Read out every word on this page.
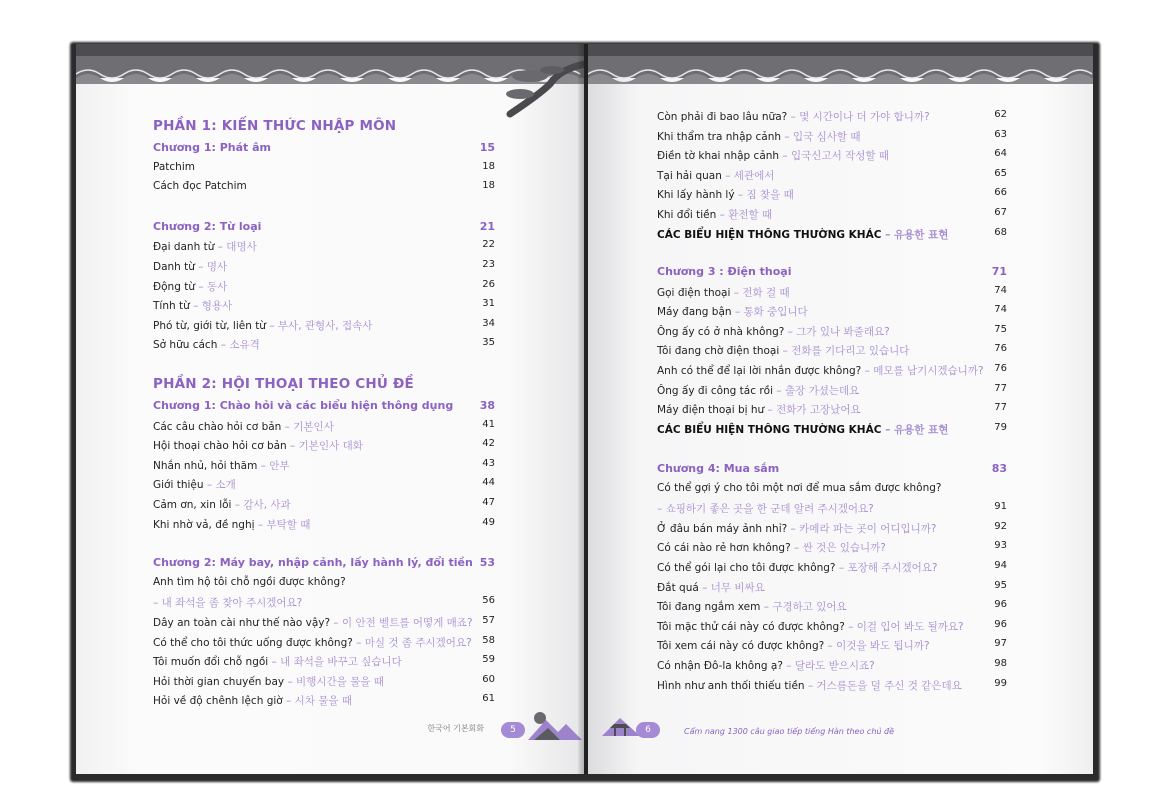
PHẦN 1: KIẾN THỨC NHẬP MÔN
Chương 1: Phát âm	15
Patchim	18
Cách đọc Patchim	18
Chương 2: Từ loại	21
Đại danh từ – 대명사	22
Danh từ – 명사	23
Động từ – 동사	26
Tính từ – 형용사	31
Phó từ, giới từ, liên từ – 부사, 관형사, 접속사	34
Sở hữu cách – 소유격	35
PHẦN 2: HỘI THOẠI THEO CHỦ ĐỀ
Chương 1: Chào hỏi và các biểu hiện thông dụng 38
Các câu chào hỏi cơ bản – 기본인사	41
Hội thoại chào hỏi cơ bản – 기본인사 대화	42
Nhắn nhủ, hỏi thăm – 안부	43
Giới thiệu – 소개	44
Cảm ơn, xin lỗi – 감사, 사과	47
Khi nhờ vả, đề nghị – 부탁할 때	49
Chương 2: Máy bay, nhập cảnh, lấy hành lý, đổi tiền 53
Anh tìm hộ tôi chỗ ngồi được không?
– 내 좌석을 좀 찾아 주시겠어요?	56
Dây an toàn cài như thế nào vậy? – 이 안전 벨트를 어떻게 매죠? 57
Có thể cho tôi thức uống được không? – 마실 것 좀 주시겠어요? 58
Tôi muốn đổi chỗ ngồi – 내 좌석을 바꾸고 싶습니다	59
Hỏi thời gian chuyến bay – 비행시간을 물을 때	60
Hỏi về độ chênh lệch giờ – 시차 물을 때	61
한국어 기본회화	5
Còn phải đi bao lâu nữa? – 몇 시간이나 더 가야 합니까?	62
Khi thẩm tra nhập cảnh – 입국 심사할 때	63
Điền tờ khai nhập cảnh – 입국신고서 작성할 때	64
Tại hải quan – 세관에서	65
Khi lấy hành lý – 짐 찾을 때	66
Khi đổi tiền – 환전할 때	67
CÁC BIỂU HIỆN THÔNG THƯỜNG KHÁC – 유용한 표현	68
Chương 3 : Điện thoại	71
Gọi điện thoại – 전화 걸 때	74
Máy đang bận – 통화 중입니다	74
Ông ấy có ở nhà không? – 그가 있나 봐줄래요?	75
Tôi đang chờ điện thoại – 전화를 기다리고 있습니다	76
Anh có thể để lại lời nhắn được không? – 메모를 남기시겠습니까? 76
Ông ấy đi công tác rồi – 출장 가셨는데요	77
Máy điện thoại bị hư – 전화가 고장났어요	77
CÁC BIỂU HIỆN THÔNG THƯỜNG KHÁC – 유용한 표현	79
Chương 4: Mua sắm	83
Có thể gợi ý cho tôi một nơi để mua sắm được không?
– 쇼핑하기 좋은 곳을 한 군데 알려 주시겠어요?	91
Ở đâu bán máy ảnh nhỉ? – 카메라 파는 곳이 어디입니까?	92
Có cái nào rẻ hơn không? – 싼 것은 있습니까?	93
Có thể gói lại cho tôi được không? – 포장해 주시겠어요?	94
Đắt quá – 너무 비싸요	95
Tôi đang ngắm xem – 구경하고 있어요	96
Tôi mặc thử cái này có được không? – 이걸 입어 봐도 될까요?	96
Tôi xem cái này có được không? – 이것을 봐도 됩니까?	97
Có nhận Đô-la không ạ? – 달라도 받으시죠?	98
Hình như anh thối thiếu tiền – 거스름돈을 덜 주신 것 같은데요	99
6	Cẩm nang 1300 câu giao tiếp tiếng Hàn theo chủ đề
